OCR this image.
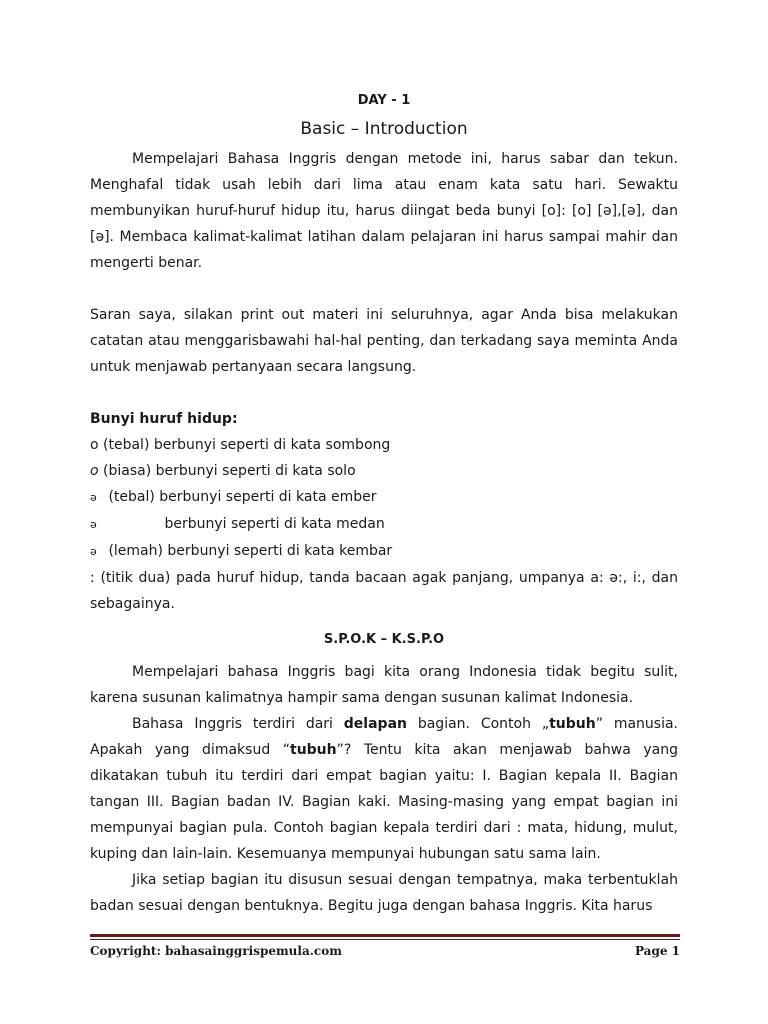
DAY - 1
Basic – Introduction

Mempelajari Bahasa Inggris dengan metode ini, harus sabar dan tekun. Menghafal tidak usah lebih dari lima atau enam kata satu hari. Sewaktu membunyikan huruf-huruf hidup itu, harus diingat beda bunyi [o]: [o] [ə],[ə], dan [ə]. Membaca kalimat-kalimat latihan dalam pelajaran ini harus sampai mahir dan mengerti benar.

Saran saya, silakan print out materi ini seluruhnya, agar Anda bisa melakukan catatan atau menggarisbawahi hal-hal penting, dan terkadang saya meminta Anda untuk menjawab pertanyaan secara langsung.

Bunyi huruf hidup:
o (tebal) berbunyi seperti di kata sombong
o (biasa) berbunyi seperti di kata solo
ə (tebal) berbunyi seperti di kata ember
ə	berbunyi seperti di kata medan
ə (lemah) berbunyi seperti di kata kembar

: (titik dua) pada huruf hidup, tanda bacaan agak panjang, umpanya a: ə:, i:, dan sebagainya.

S.P.O.K – K.S.P.O

Mempelajari bahasa Inggris bagi kita orang Indonesia tidak begitu sulit, karena susunan kalimatnya hampir sama dengan susunan kalimat Indonesia.

Bahasa Inggris terdiri dari delapan bagian. Contoh „tubuh” manusia. Apakah yang dimaksud “tubuh”? Tentu kita akan menjawab bahwa yang dikatakan tubuh itu terdiri dari empat bagian yaitu: I. Bagian kepala II. Bagian tangan III. Bagian badan IV. Bagian kaki. Masing-masing yang empat bagian ini mempunyai bagian pula. Contoh bagian kepala terdiri dari : mata, hidung, mulut, kuping dan lain-lain. Kesemuanya mempunyai hubungan satu sama lain.

Jika setiap bagian itu disusun sesuai dengan tempatnya, maka terbentuklah badan sesuai dengan bentuknya. Begitu juga dengan bahasa Inggris. Kita harus

Copyright: bahasainggrispemula.com	Page 1
